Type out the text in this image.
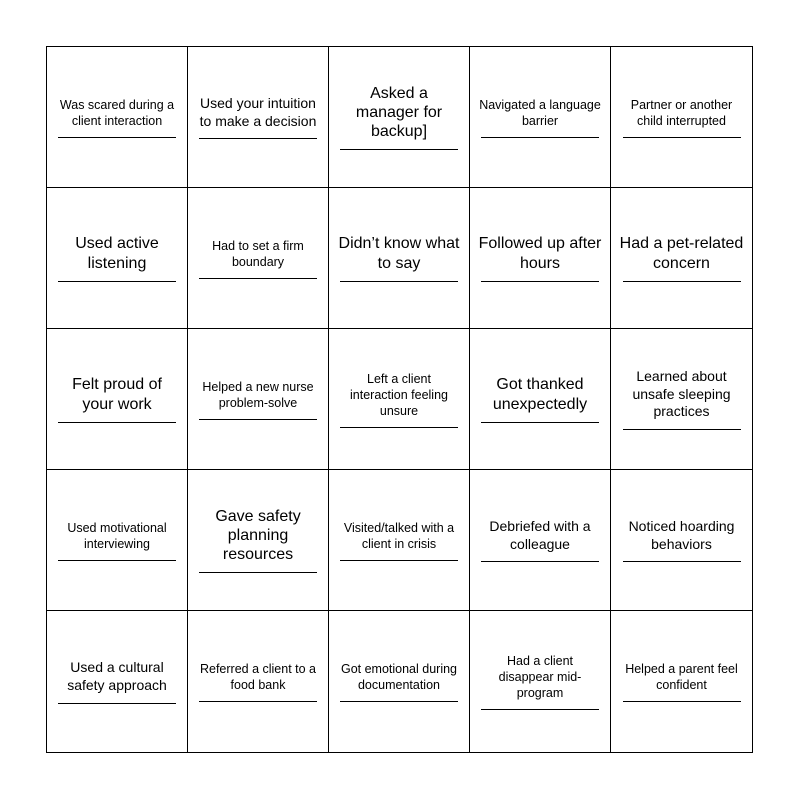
Was scared during a client interaction
Used your intuition to make a decision
Asked a manager for backup]
Navigated a language barrier
Partner or another child interrupted
Used active listening
Had to set a firm boundary
Didn’t know what to say
Followed up after hours
Had a pet-related concern
Felt proud of your work
Helped a new nurse problem-solve
Left a client interaction feeling unsure
Got thanked unexpectedly
Learned about unsafe sleeping practices
Used motivational interviewing
Gave safety planning resources
Visited/talked with a client in crisis
Debriefed with a colleague
Noticed hoarding behaviors
Used a cultural safety approach
Referred a client to a food bank
Got emotional during documentation
Had a client disappear mid-program
Helped a parent feel confident
